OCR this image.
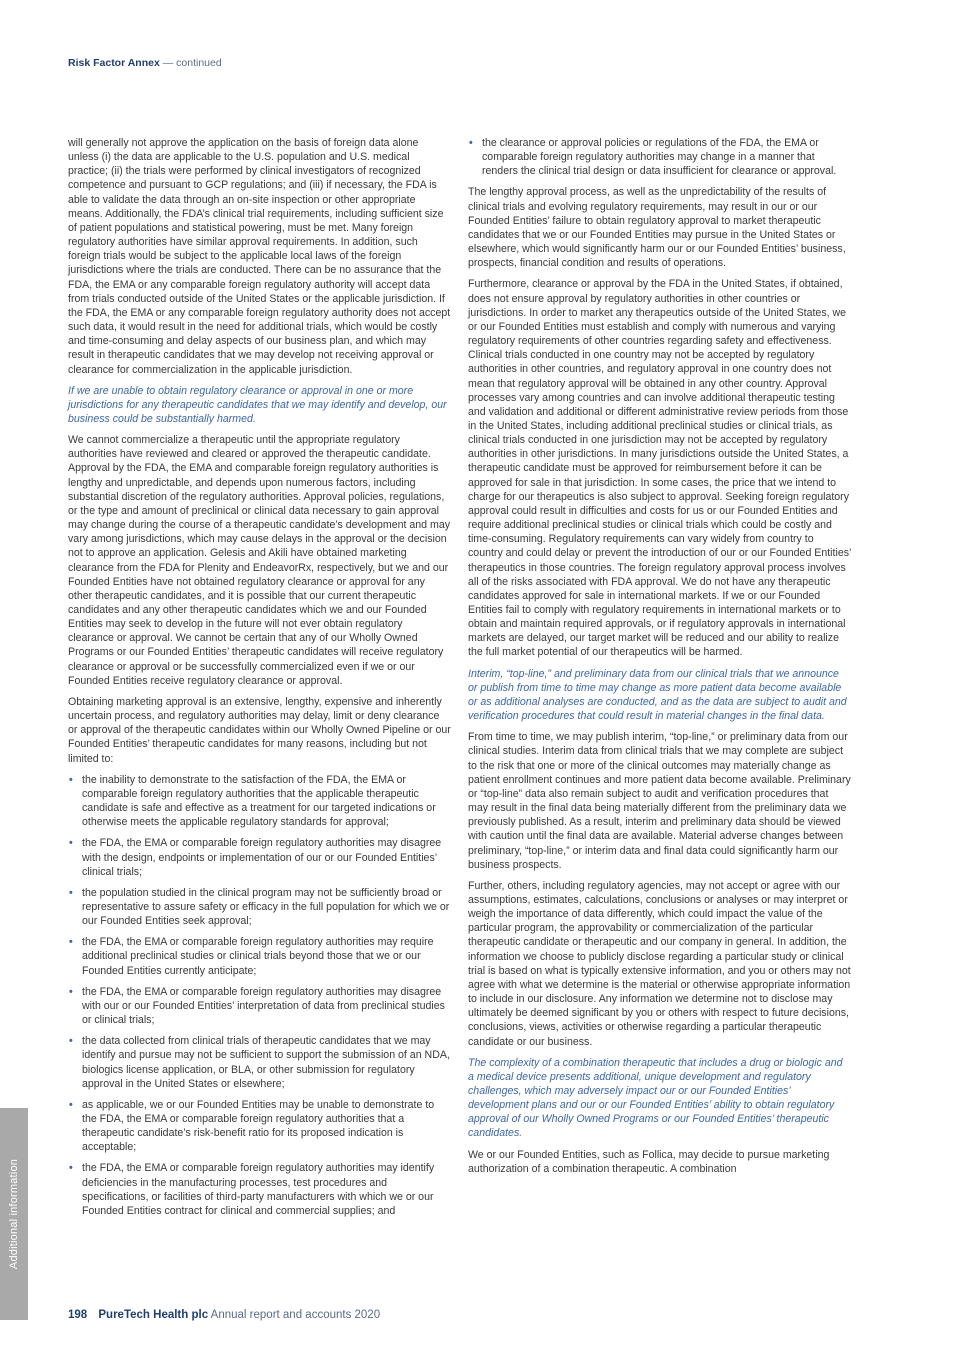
Risk Factor Annex — continued

will generally not approve the application on the basis of foreign data alone unless (i) the data are applicable to the U.S. population and U.S. medical practice; (ii) the trials were performed by clinical investigators of recognized competence and pursuant to GCP regulations; and (iii) if necessary, the FDA is able to validate the data through an on-site inspection or other appropriate means. Additionally, the FDA’s clinical trial requirements, including sufficient size of patient populations and statistical powering, must be met. Many foreign regulatory authorities have similar approval requirements. In addition, such foreign trials would be subject to the applicable local laws of the foreign jurisdictions where the trials are conducted. There can be no assurance that the FDA, the EMA or any comparable foreign regulatory authority will accept data from trials conducted outside of the United States or the applicable jurisdiction. If the FDA, the EMA or any comparable foreign regulatory authority does not accept such data, it would result in the need for additional trials, which would be costly and time-consuming and delay aspects of our business plan, and which may result in therapeutic candidates that we may develop not receiving approval or clearance for commercialization in the applicable jurisdiction.

If we are unable to obtain regulatory clearance or approval in one or more jurisdictions for any therapeutic candidates that we may identify and develop, our business could be substantially harmed.

We cannot commercialize a therapeutic until the appropriate regulatory authorities have reviewed and cleared or approved the therapeutic candidate. Approval by the FDA, the EMA and comparable foreign regulatory authorities is lengthy and unpredictable, and depends upon numerous factors, including substantial discretion of the regulatory authorities. Approval policies, regulations, or the type and amount of preclinical or clinical data necessary to gain approval may change during the course of a therapeutic candidate’s development and may vary among jurisdictions, which may cause delays in the approval or the decision not to approve an application. Gelesis and Akili have obtained marketing clearance from the FDA for Plenity and EndeavorRx, respectively, but we and our Founded Entities have not obtained regulatory clearance or approval for any other therapeutic candidates, and it is possible that our current therapeutic candidates and any other therapeutic candidates which we and our Founded Entities may seek to develop in the future will not ever obtain regulatory clearance or approval. We cannot be certain that any of our Wholly Owned Programs or our Founded Entities’ therapeutic candidates will receive regulatory clearance or approval or be successfully commercialized even if we or our Founded Entities receive regulatory clearance or approval.

Obtaining marketing approval is an extensive, lengthy, expensive and inherently uncertain process, and regulatory authorities may delay, limit or deny clearance or approval of the therapeutic candidates within our Wholly Owned Pipeline or our Founded Entities’ therapeutic candidates for many reasons, including but not limited to:

• the inability to demonstrate to the satisfaction of the FDA, the EMA or comparable foreign regulatory authorities that the applicable therapeutic candidate is safe and effective as a treatment for our targeted indications or otherwise meets the applicable regulatory standards for approval;
• the FDA, the EMA or comparable foreign regulatory authorities may disagree with the design, endpoints or implementation of our or our Founded Entities’ clinical trials;
• the population studied in the clinical program may not be sufficiently broad or representative to assure safety or efficacy in the full population for which we or our Founded Entities seek approval;
• the FDA, the EMA or comparable foreign regulatory authorities may require additional preclinical studies or clinical trials beyond those that we or our Founded Entities currently anticipate;
• the FDA, the EMA or comparable foreign regulatory authorities may disagree with our or our Founded Entities’ interpretation of data from preclinical studies or clinical trials;
• the data collected from clinical trials of therapeutic candidates that we may identify and pursue may not be sufficient to support the submission of an NDA, biologics license application, or BLA, or other submission for regulatory approval in the United States or elsewhere;
• as applicable, we or our Founded Entities may be unable to demonstrate to the FDA, the EMA or comparable foreign regulatory authorities that a therapeutic candidate’s risk-benefit ratio for its proposed indication is acceptable;
• the FDA, the EMA or comparable foreign regulatory authorities may identify deficiencies in the manufacturing processes, test procedures and specifications, or facilities of third-party manufacturers with which we or our Founded Entities contract for clinical and commercial supplies; and
• the clearance or approval policies or regulations of the FDA, the EMA or comparable foreign regulatory authorities may change in a manner that renders the clinical trial design or data insufficient for clearance or approval.

The lengthy approval process, as well as the unpredictability of the results of clinical trials and evolving regulatory requirements, may result in our or our Founded Entities’ failure to obtain regulatory approval to market therapeutic candidates that we or our Founded Entities may pursue in the United States or elsewhere, which would significantly harm our or our Founded Entities’ business, prospects, financial condition and results of operations.

Furthermore, clearance or approval by the FDA in the United States, if obtained, does not ensure approval by regulatory authorities in other countries or jurisdictions. In order to market any therapeutics outside of the United States, we or our Founded Entities must establish and comply with numerous and varying regulatory requirements of other countries regarding safety and effectiveness. Clinical trials conducted in one country may not be accepted by regulatory authorities in other countries, and regulatory approval in one country does not mean that regulatory approval will be obtained in any other country. Approval processes vary among countries and can involve additional therapeutic testing and validation and additional or different administrative review periods from those in the United States, including additional preclinical studies or clinical trials, as clinical trials conducted in one jurisdiction may not be accepted by regulatory authorities in other jurisdictions. In many jurisdictions outside the United States, a therapeutic candidate must be approved for reimbursement before it can be approved for sale in that jurisdiction. In some cases, the price that we intend to charge for our therapeutics is also subject to approval. Seeking foreign regulatory approval could result in difficulties and costs for us or our Founded Entities and require additional preclinical studies or clinical trials which could be costly and time-consuming. Regulatory requirements can vary widely from country to country and could delay or prevent the introduction of our or our Founded Entities’ therapeutics in those countries. The foreign regulatory approval process involves all of the risks associated with FDA approval. We do not have any therapeutic candidates approved for sale in international markets. If we or our Founded Entities fail to comply with regulatory requirements in international markets or to obtain and maintain required approvals, or if regulatory approvals in international markets are delayed, our target market will be reduced and our ability to realize the full market potential of our therapeutics will be harmed.

Interim, “top-line,” and preliminary data from our clinical trials that we announce or publish from time to time may change as more patient data become available or as additional analyses are conducted, and as the data are subject to audit and verification procedures that could result in material changes in the final data.

From time to time, we may publish interim, “top-line,” or preliminary data from our clinical studies. Interim data from clinical trials that we may complete are subject to the risk that one or more of the clinical outcomes may materially change as patient enrollment continues and more patient data become available. Preliminary or “top-line” data also remain subject to audit and verification procedures that may result in the final data being materially different from the preliminary data we previously published. As a result, interim and preliminary data should be viewed with caution until the final data are available. Material adverse changes between preliminary, “top-line,” or interim data and final data could significantly harm our business prospects.

Further, others, including regulatory agencies, may not accept or agree with our assumptions, estimates, calculations, conclusions or analyses or may interpret or weigh the importance of data differently, which could impact the value of the particular program, the approvability or commercialization of the particular therapeutic candidate or therapeutic and our company in general. In addition, the information we choose to publicly disclose regarding a particular study or clinical trial is based on what is typically extensive information, and you or others may not agree with what we determine is the material or otherwise appropriate information to include in our disclosure. Any information we determine not to disclose may ultimately be deemed significant by you or others with respect to future decisions, conclusions, views, activities or otherwise regarding a particular therapeutic candidate or our business.

The complexity of a combination therapeutic that includes a drug or biologic and a medical device presents additional, unique development and regulatory challenges, which may adversely impact our or our Founded Entities’ development plans and our or our Founded Entities’ ability to obtain regulatory approval of our Wholly Owned Programs or our Founded Entities’ therapeutic candidates.

We or our Founded Entities, such as Follica, may decide to pursue marketing authorization of a combination therapeutic. A combination

Additional information
198 PureTech Health plc Annual report and accounts 2020
